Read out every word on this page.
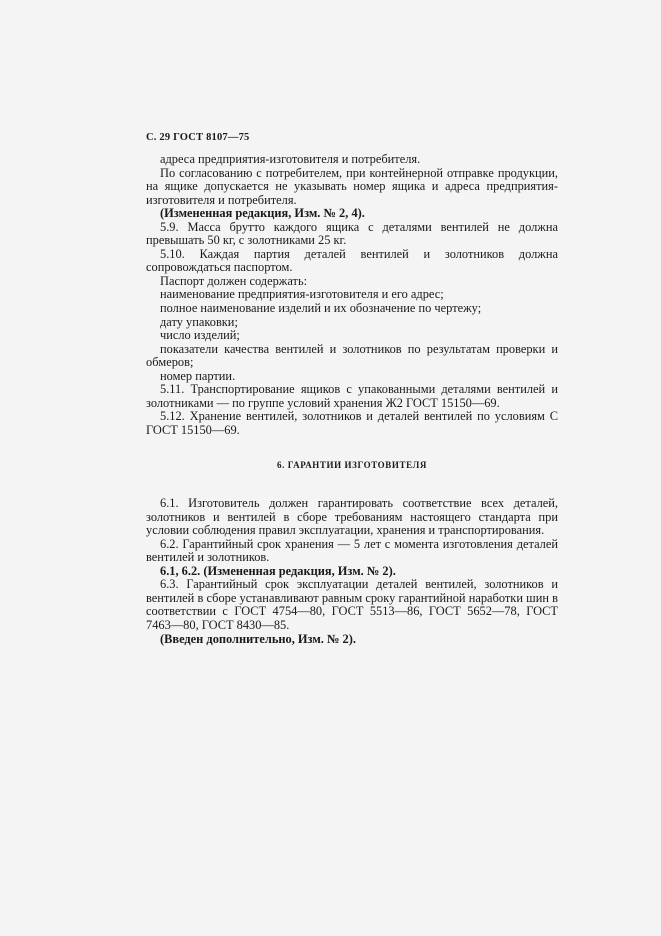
С. 29 ГОСТ 8107—75

адреса предприятия-изготовителя и потребителя.

По согласованию с потребителем, при контейнерной отправке продукции, на ящике допускается не указывать номер ящика и адреса предприятия-изготовителя и потребителя.

(Измененная редакция, Изм. № 2, 4).

5.9. Масса брутто каждого ящика с деталями вентилей не должна превышать 50 кг, с золотниками 25 кг.

5.10. Каждая партия деталей вентилей и золотников должна сопровождаться паспортом.

Паспорт должен содержать:

наименование предприятия-изготовителя и его адрес;

полное наименование изделий и их обозначение по чертежу;

дату упаковки;

число изделий;

показатели качества вентилей и золотников по результатам проверки и обмеров;

номер партии.

5.11. Транспортирование ящиков с упакованными деталями вентилей и золотниками — по группе условий хранения Ж2 ГОСТ 15150—69.

5.12. Хранение вентилей, золотников и деталей вентилей по условиям С ГОСТ 15150—69.

6. ГАРАНТИИ ИЗГОТОВИТЕЛЯ

6.1. Изготовитель должен гарантировать соответствие всех деталей, золотников и вентилей в сборе требованиям настоящего стандарта при условии соблюдения правил эксплуатации, хранения и транспортирования.

6.2. Гарантийный срок хранения — 5 лет с момента изготовления деталей вентилей и золотников.

6.1, 6.2. (Измененная редакция, Изм. № 2).

6.3. Гарантийный срок эксплуатации деталей вентилей, золотников и вентилей в сборе устанавливают равным сроку гарантийной наработки шин в соответствии с ГОСТ 4754—80, ГОСТ 5513—86, ГОСТ 5652—78, ГОСТ 7463—80, ГОСТ 8430—85.

(Введен дополнительно, Изм. № 2).
